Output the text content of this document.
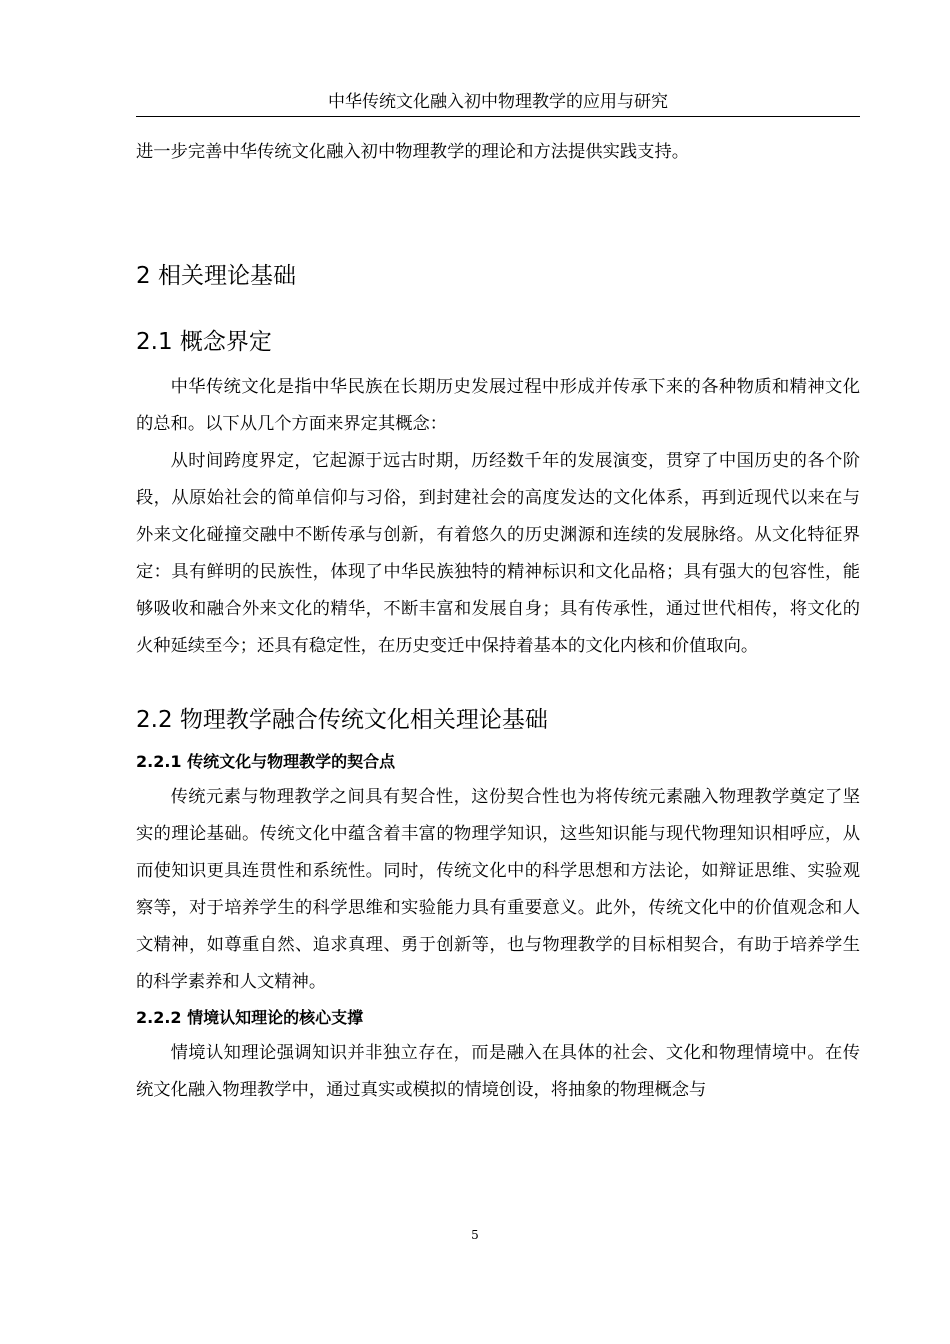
中华传统文化融入初中物理教学的应用与研究

进一步完善中华传统文化融入初中物理教学的理论和方法提供实践支持。

2 相关理论基础
2.1 概念界定

中华传统文化是指中华民族在长期历史发展过程中形成并传承下来的各种物质和精神文化的总和。以下从几个方面来界定其概念：

从时间跨度界定，它起源于远古时期，历经数千年的发展演变，贯穿了中国历史的各个阶段，从原始社会的简单信仰与习俗，到封建社会的高度发达的文化体系，再到近现代以来在与外来文化碰撞交融中不断传承与创新，有着悠久的历史渊源和连续的发展脉络。从文化特征界定：具有鲜明的民族性，体现了中华民族独特的精神标识和文化品格；具有强大的包容性，能够吸收和融合外来文化的精华，不断丰富和发展自身；具有传承性，通过世代相传，将文化的火种延续至今；还具有稳定性，在历史变迁中保持着基本的文化内核和价值取向。

2.2 物理教学融合传统文化相关理论基础
2.2.1 传统文化与物理教学的契合点

传统元素与物理教学之间具有契合性，这份契合性也为将传统元素融入物理教学奠定了坚实的理论基础。传统文化中蕴含着丰富的物理学知识，这些知识能与现代物理知识相呼应，从而使知识更具连贯性和系统性。同时，传统文化中的科学思想和方法论，如辩证思维、实验观察等，对于培养学生的科学思维和实验能力具有重要意义。此外，传统文化中的价值观念和人文精神，如尊重自然、追求真理、勇于创新等，也与物理教学的目标相契合，有助于培养学生的科学素养和人文精神。

2.2.2 情境认知理论的核心支撑

情境认知理论强调知识并非独立存在，而是融入在具体的社会、文化和物理情境中。在传统文化融入物理教学中，通过真实或模拟的情境创设，将抽象的物理概念与

5
